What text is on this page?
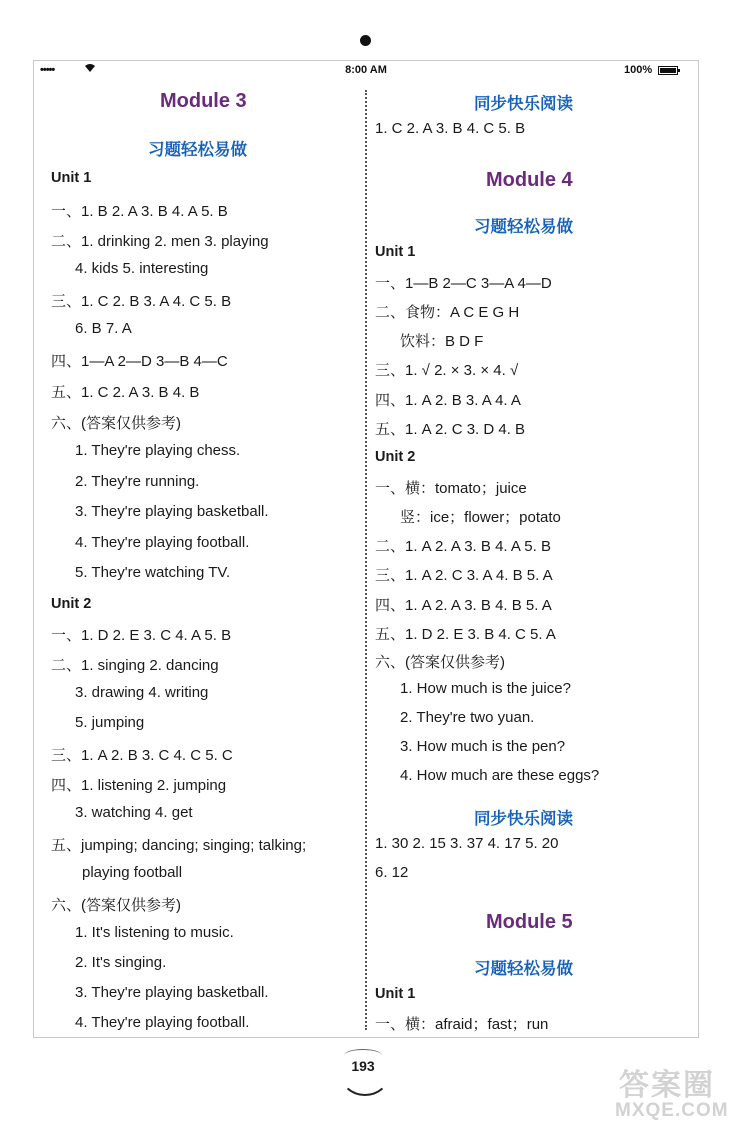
•••••	8:00 AM	100%
Module 3
习题轻松易做
Unit 1
一、1. B 2. A 3. B 4. A 5. B
二、1. drinking 2. men 3. playing
4. kids 5. interesting
三、1. C 2. B 3. A 4. C 5. B
6. B 7. A
四、1—A 2—D 3—B 4—C
五、1. C 2. A 3. B 4. B
六、(答案仅供参考)
1. They're playing chess.
2. They're running.
3. They're playing basketball.
4. They're playing football.
5. They're watching TV.
Unit 2
一、1. D 2. E 3. C 4. A 5. B
二、1. singing 2. dancing
3. drawing 4. writing
5. jumping
三、1. A 2. B 3. C 4. C 5. C
四、1. listening 2. jumping
3. watching 4. get
五、jumping; dancing; singing; talking;
playing football
六、(答案仅供参考)
1. It's listening to music.
2. It's singing.
3. They're playing basketball.
4. They're playing football.
同步快乐阅读
1. C 2. A 3. B 4. C 5. B
Module 4
习题轻松易做
Unit 1
一、1—B 2—C 3—A 4—D
二、食物：A C E G H
饮料：B D F
三、1. √ 2. × 3. × 4. √
四、1. A 2. B 3. A 4. A
五、1. A 2. C 3. D 4. B
Unit 2
一、横：tomato；juice
竖：ice；flower；potato
二、1. A 2. A 3. B 4. A 5. B
三、1. A 2. C 3. A 4. B 5. A
四、1. A 2. A 3. B 4. B 5. A
五、1. D 2. E 3. B 4. C 5. A
六、(答案仅供参考)
1. How much is the juice?
2. They're two yuan.
3. How much is the pen?
4. How much are these eggs?
同步快乐阅读
1. 30 2. 15 3. 37 4. 17 5. 20
6. 12
Module 5
习题轻松易做
Unit 1
一、横：afraid；fast；run
193
答案圈
MXQE.COM
